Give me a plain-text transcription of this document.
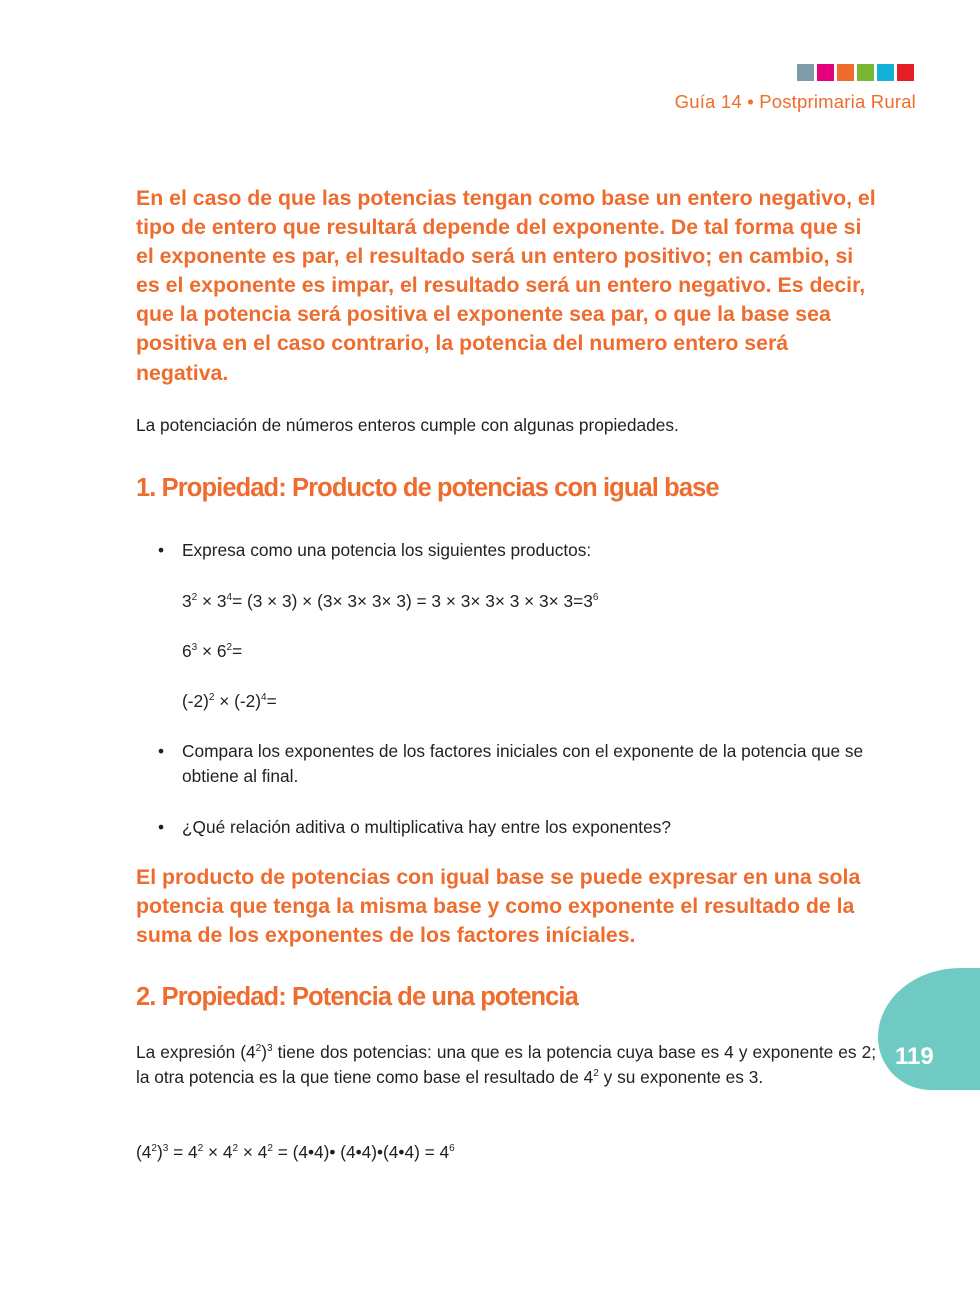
Guía 14 • Postprimaria Rural

En el caso de que las potencias tengan como base un entero negativo, el tipo de entero que resultará depende del exponente. De tal forma que si el exponente es par, el resultado será un entero positivo; en cambio, si es el exponente es impar, el resultado será un entero negativo. Es decir, que la potencia será positiva el exponente sea par, o que la base sea positiva en el caso contrario, la potencia del numero entero será negativa.

La potenciación de números enteros cumple con algunas propiedades.

1. Propiedad: Producto de potencias con igual base
• Expresa como una potencia los siguientes productos:
$3^2 \times 3^4= (3 \times 3) \times (3\times 3\times 3\times 3) = 3 \times 3\times 3\times 3 \times 3\times 3=3^6$
$6^3 \times 6^2=$
$(-2)^2 \times (-2)^4=$
• Compara los exponentes de los factores iniciales con el exponente de la potencia que se obtiene al final.
• ¿Qué relación aditiva o multiplicativa hay entre los exponentes?

El producto de potencias con igual base se puede expresar en una sola potencia que tenga la misma base y como exponente el resultado de la suma de los exponentes de los factores iníciales.

2. Propiedad: Potencia de una potencia

La expresión $(4^2)^3$ tiene dos potencias: una que es la potencia cuya base es 4 y exponente es 2; la otra potencia es la que tiene como base el resultado de $4^2$ y su exponente es 3.

$(4^2)^3 = 4^2 \times 4^2 \times 4^2$ = (4•4)• (4•4)•(4•4) = $4^6$
119
